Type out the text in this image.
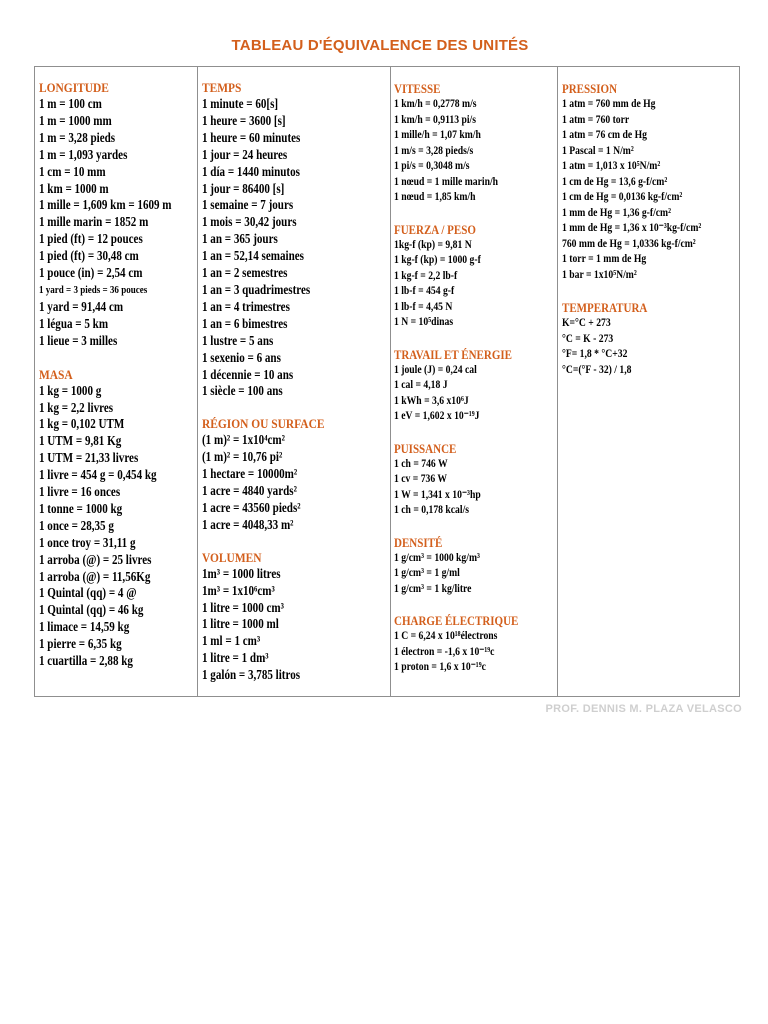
TABLEAU D'ÉQUIVALENCE DES UNITÉS
LONGITUDE
1 m = 100 cm
1 m = 1000 mm
1 m = 3,28 pieds
1 m = 1,093 yardes
1 cm = 10 mm
1 km = 1000 m
1 mille = 1,609 km = 1609 m
1 mille marin = 1852 m
1 pied (ft) = 12 pouces
1 pied (ft) = 30,48 cm
1 pouce (in) = 2,54 cm
1 yard = 3 pieds = 36 pouces
1 yard = 91,44 cm
1 légua = 5 km
1 lieue = 3 milles
MASA
1 kg = 1000 g
1 kg = 2,2 livres
1 kg = 0,102 UTM
1 UTM = 9,81 Kg
1 UTM = 21,33 livres
1 livre = 454 g = 0,454 kg
1 livre = 16 onces
1 tonne = 1000 kg
1 once = 28,35 g
1 once troy = 31,11 g
1 arroba (@) = 25 livres
1 arroba (@) = 11,56Kg
1 Quintal (qq) = 4 @
1 Quintal (qq) = 46 kg
1 limace = 14,59 kg
1 pierre = 6,35 kg
1 cuartilla = 2,88 kg
TEMPS
1 minute = 60[s]
1 heure = 3600 [s]
1 heure = 60 minutes
1 jour = 24 heures
1 día = 1440 minutos
1 jour = 86400 [s]
1 semaine = 7 jours
1 mois = 30,42 jours
1 an = 365 jours
1 an = 52,14 semaines
1 an = 2 semestres
1 an = 3 quadrimestres
1 an = 4 trimestres
1 an = 6 bimestres
1 lustre = 5 ans
1 sexenio = 6 ans
1 décennie = 10 ans
1 siècle = 100 ans
RÉGION OU SURFACE
(1 m)² = 1x10⁴cm²
(1 m)² = 10,76 pi²
1 hectare = 10000m²
1 acre = 4840 yards²
1 acre = 43560 pieds²
1 acre = 4048,33 m²
VOLUMEN
1m³ = 1000 litres
1m³ = 1x10⁶cm³
1 litre = 1000 cm³
1 litre = 1000 ml
1 ml = 1 cm³
1 litre = 1 dm³
1 galón = 3,785 litros
VITESSE
1 km/h = 0,2778 m/s
1 km/h = 0,9113 pi/s
1 mille/h = 1,07 km/h
1 m/s = 3,28 pieds/s
1 pi/s = 0,3048 m/s
1 nœud = 1 mille marin/h
1 nœud = 1,85 km/h
FUERZA / PESO
1kg-f (kp) = 9,81 N
1 kg-f (kp) = 1000 g-f
1 kg-f = 2,2 lb-f
1 lb-f = 454 g-f
1 lb-f = 4,45 N
1 N = 10⁵dinas
TRAVAIL ET ÉNERGIE
1 joule (J) = 0,24 cal
1 cal = 4,18 J
1 kWh = 3,6 x10⁶J
1 eV = 1,602 x 10⁻¹⁹J
PUISSANCE
1 ch = 746 W
1 cv = 736 W
1 W = 1,341 x 10⁻³hp
1 ch = 0,178 kcal/s
DENSITÉ
1 g/cm³ = 1000 kg/m³
1 g/cm³ = 1 g/ml
1 g/cm³ = 1 kg/litre
CHARGE ÉLECTRIQUE
1 C = 6,24 x 10¹⁸électrons
1 électron = -1,6 x 10⁻¹⁹c
1 proton = 1,6 x 10⁻¹⁹c
PRESSION
1 atm = 760 mm de Hg
1 atm = 760 torr
1 atm = 76 cm de Hg
1 Pascal = 1 N/m²
1 atm = 1,013 x 10⁵N/m²
1 cm de Hg = 13,6 g-f/cm²
1 cm de Hg = 0,0136 kg-f/cm²
1 mm de Hg = 1,36 g-f/cm²
1 mm de Hg = 1,36 x 10⁻³kg-f/cm²
760 mm de Hg = 1,0336 kg-f/cm²
1 torr = 1 mm de Hg
1 bar = 1x10⁵N/m²
TEMPERATURA
K=°C + 273
°C = K - 273
°F= 1,8 * °C+32
°C=(°F - 32) / 1,8
PROF. DENNIS M. PLAZA VELASCO
